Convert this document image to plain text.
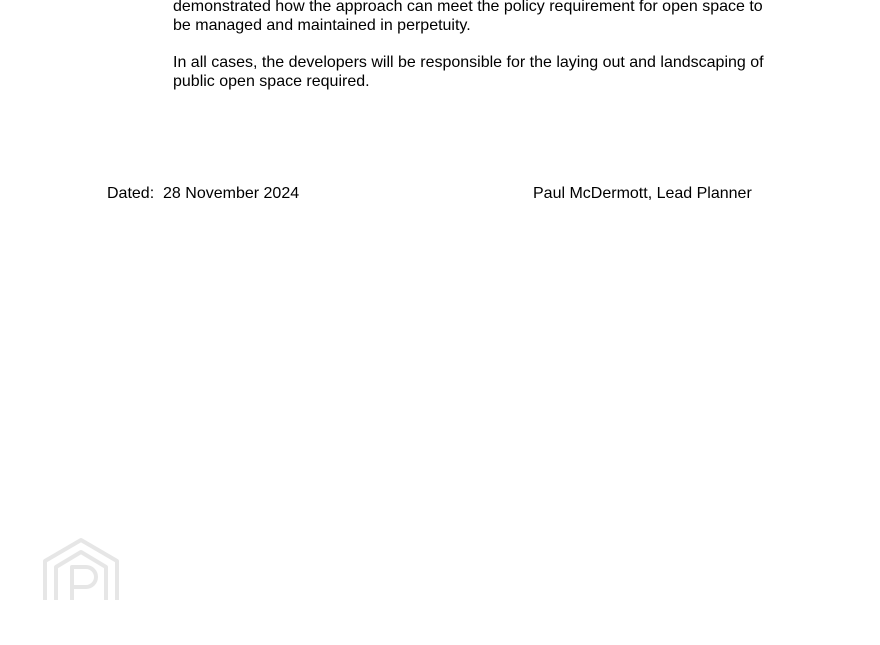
demonstrated how the approach can meet the policy requirement for open space to
be managed and maintained in perpetuity.

In all cases, the developers will be responsible for the laying out and landscaping of
public open space required.

Dated: 28 November 2024	Paul McDermott, Lead Planner
